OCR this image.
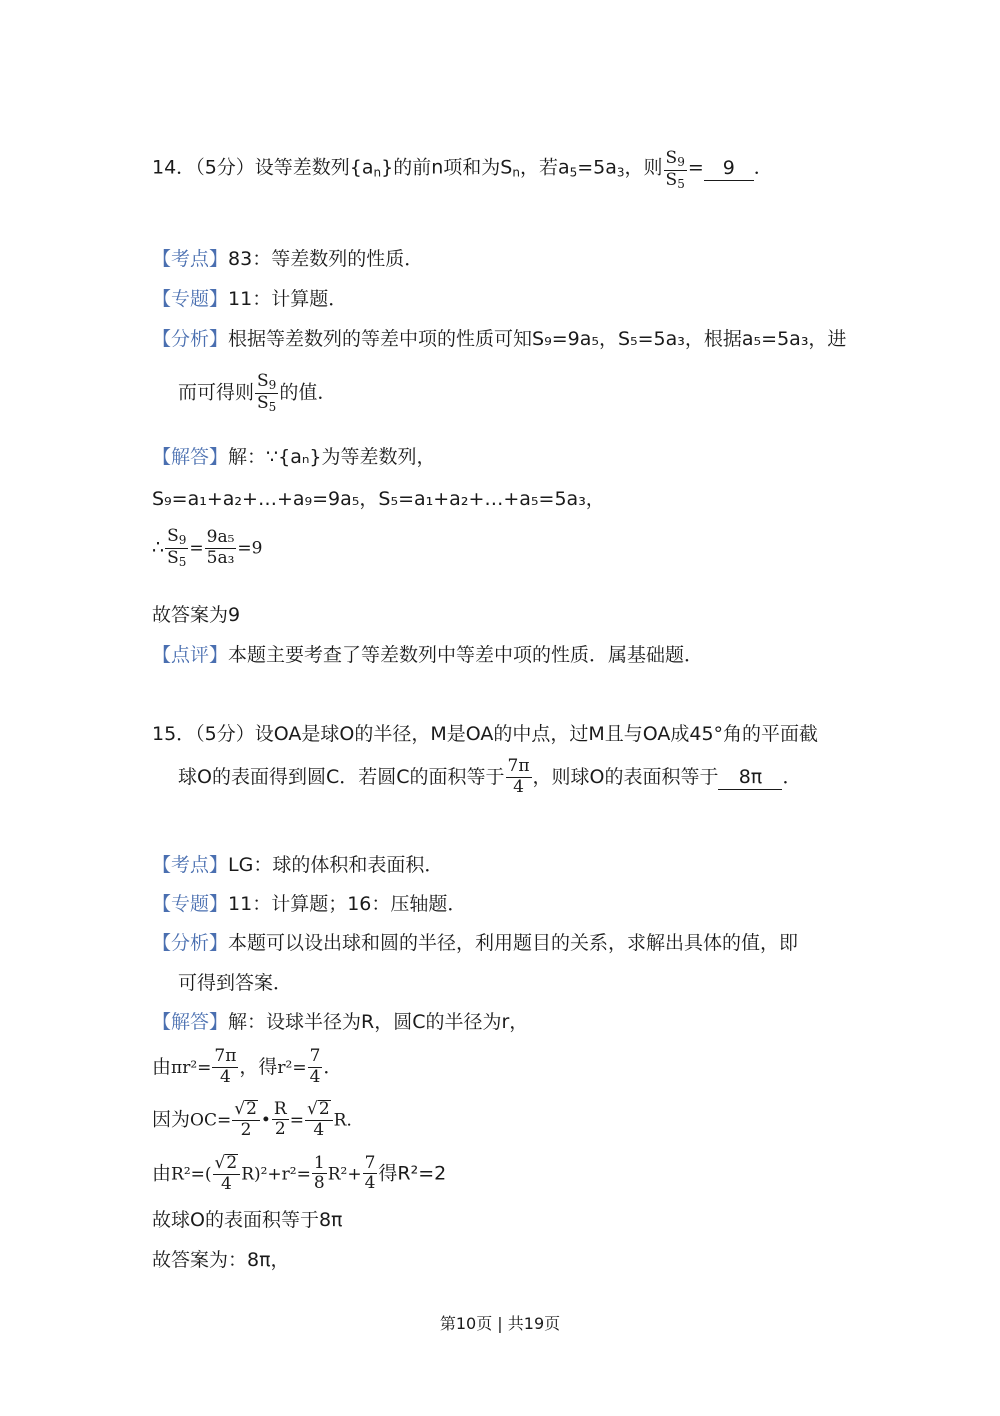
14．（5分）设等差数列$\{a_n\}$的前n项和为$S_n$，若$a_5=5a_3$，则 $\frac{S_9}{S_5} = 9$ ．
【考点】83：等差数列的性质．
【专题】11：计算题．
【分析】根据等差数列的等差中项的性质可知S₉=9a₅，S₅=5a₃，根据a₅=5a₃，进
而可得则 $\frac{S_9}{S_5}$ 的值．
【解答】解：∵{aₙ}为等差数列，
S₉=a₁+a₂+…+a₉=9a₅，S₅=a₁+a₂+…+a₅=5a₃，
∴ $\frac{S_9}{S_5} = \frac{\text{9a₅}}{\text{5a₃}} =9$
故答案为9
【点评】本题主要考查了等差数列中等差中项的性质．属基础题．
15．（5分）设OA是球O的半径，M是OA的中点，过M且与OA成45°角的平面截
球O的表面得到圆C．若圆C的面积等于 $\frac{7\pi}{4}$ ，则球O的表面积等于 8π ．
【考点】LG：球的体积和表面积．
【专题】11：计算题；16：压轴题．
【分析】本题可以设出球和圆的半径，利用题目的关系，求解出具体的值，即
可得到答案．
【解答】解：设球半径为R，圆C的半径为r，
由$\pi r^2= \frac{7\pi}{4}$ ，得$r^2= \frac{7}{4}$ ．
因为$OC= \frac{√2}{2}$ • $\frac{R}{2} = \frac{√2}{4}$ R．
由$R^2=( \frac{√2}{4} R)^2+r^2= \frac{1}{8} R^2+ \frac{7}{4}$ 得R²=2
故球O的表面积等于8π
故答案为：8π，
第10页 | 共19页
